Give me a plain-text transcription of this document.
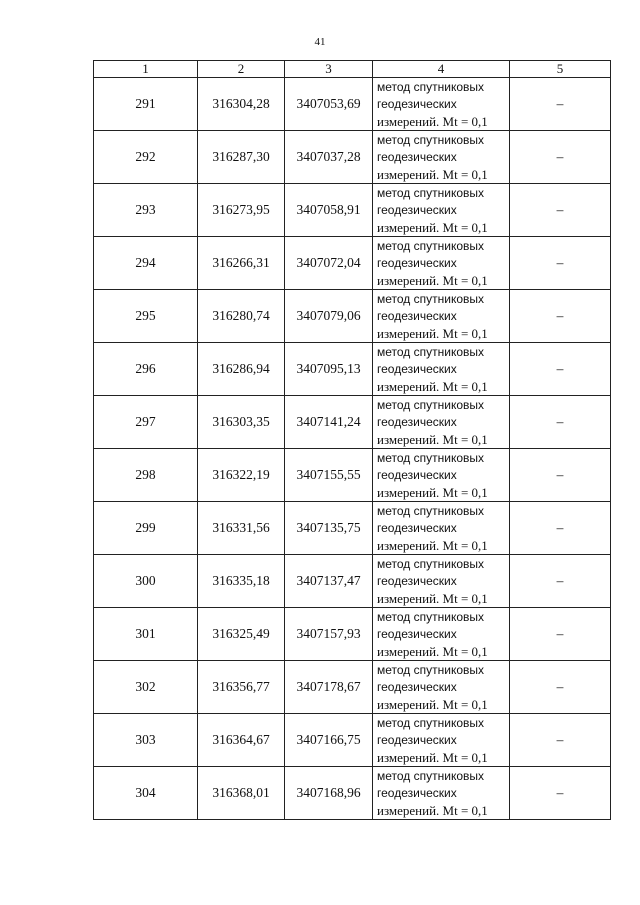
41
1	2	3	4	5
291	316304,28	3407053,69	метод спутниковых
геодезических
измерений. Mt = 0,1	–
292	316287,30	3407037,28	метод спутниковых
геодезических
измерений. Mt = 0,1	–
293	316273,95	3407058,91	метод спутниковых
геодезических
измерений. Mt = 0,1	–
294	316266,31	3407072,04	метод спутниковых
геодезических
измерений. Mt = 0,1	–
295	316280,74	3407079,06	метод спутниковых
геодезических
измерений. Mt = 0,1	–
296	316286,94	3407095,13	метод спутниковых
геодезических
измерений. Mt = 0,1	–
297	316303,35	3407141,24	метод спутниковых
геодезических
измерений. Mt = 0,1	–
298	316322,19	3407155,55	метод спутниковых
геодезических
измерений. Mt = 0,1	–
299	316331,56	3407135,75	метод спутниковых
геодезических
измерений. Mt = 0,1	–
300	316335,18	3407137,47	метод спутниковых
геодезических
измерений. Mt = 0,1	–
301	316325,49	3407157,93	метод спутниковых
геодезических
измерений. Mt = 0,1	–
302	316356,77	3407178,67	метод спутниковых
геодезических
измерений. Mt = 0,1	–
303	316364,67	3407166,75	метод спутниковых
геодезических
измерений. Mt = 0,1	–
304	316368,01	3407168,96	метод спутниковых
геодезических
измерений. Mt = 0,1	–
